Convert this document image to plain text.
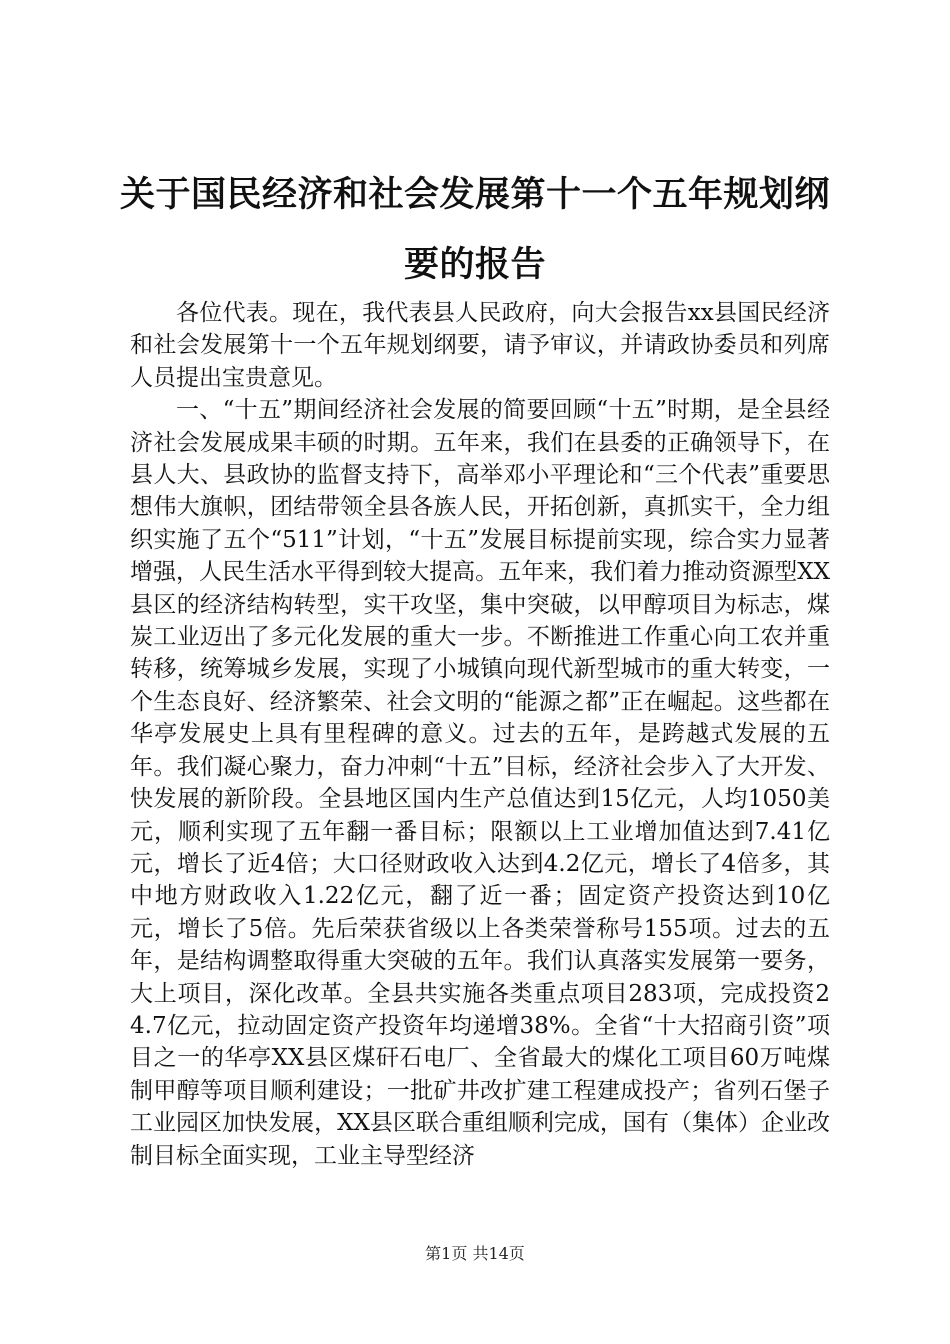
关于国民经济和社会发展第十一个五年规划纲要的报告

各位代表。现在，我代表县人民政府，向大会报告xx县国民经济和社会发展第十一个五年规划纲要，请予审议，并请政协委员和列席人员提出宝贵意见。

一、“十五”期间经济社会发展的简要回顾“十五”时期，是全县经济社会发展成果丰硕的时期。五年来，我们在县委的正确领导下，在县人大、县政协的监督支持下，高举邓小平理论和“三个代表”重要思想伟大旗帜，团结带领全县各族人民，开拓创新，真抓实干，全力组织实施了五个“511”计划，“十五”发展目标提前实现，综合实力显著增强，人民生活水平得到较大提高。五年来，我们着力推动资源型XX县区的经济结构转型，实干攻坚，集中突破，以甲醇项目为标志，煤炭工业迈出了多元化发展的重大一步。不断推进工作重心向工农并重转移，统筹城乡发展，实现了小城镇向现代新型城市的重大转变，一个生态良好、经济繁荣、社会文明的“能源之都”正在崛起。这些都在华亭发展史上具有里程碑的意义。过去的五年，是跨越式发展的五年。我们凝心聚力，奋力冲刺“十五”目标，经济社会步入了大开发、快发展的新阶段。全县地区国内生产总值达到15亿元，人均1050美元，顺利实现了五年翻一番目标；限额以上工业增加值达到7.41亿元，增长了近4倍；大口径财政收入达到4.2亿元，增长了4倍多，其中地方财政收入1.22亿元，翻了近一番；固定资产投资达到10亿元，增长了5倍。先后荣获省级以上各类荣誉称号155项。过去的五年，是结构调整取得重大突破的五年。我们认真落实发展第一要务，大上项目，深化改革。全县共实施各类重点项目283项，完成投资24.7亿元，拉动固定资产投资年均递增38%。全省“十大招商引资”项目之一的华亭XX县区煤矸石电厂、全省最大的煤化工项目60万吨煤制甲醇等项目顺利建设；一批矿井改扩建工程建成投产；省列石堡子工业园区加快发展，XX县区联合重组顺利完成，国有（集体）企业改制目标全面实现，工业主导型经济

第1页 共14页
